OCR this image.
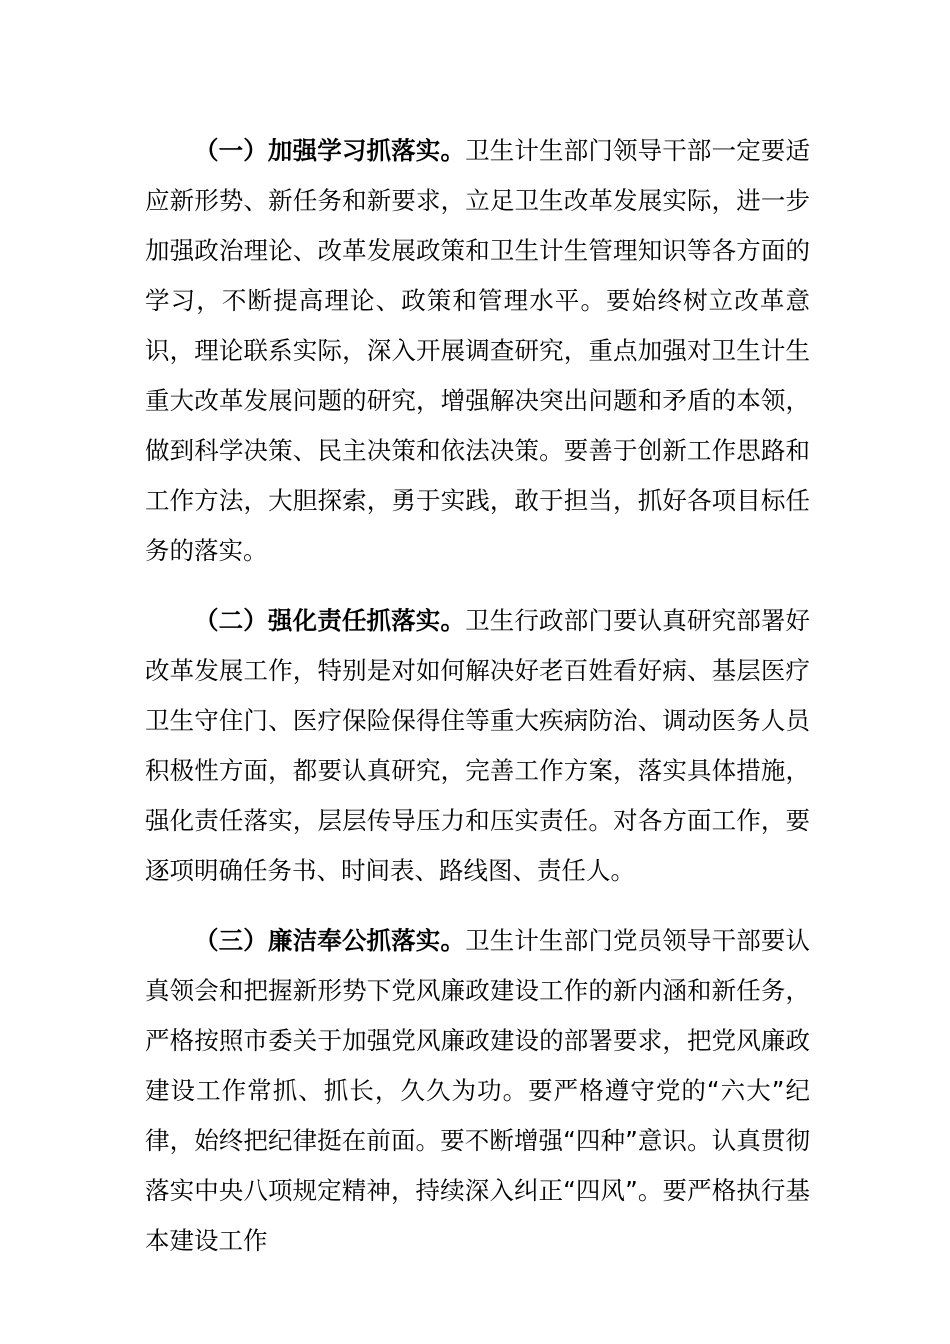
（一）加强学习抓落实。卫生计生部门领导干部一定要适应新形势、新任务和新要求，立足卫生改革发展实际，进一步加强政治理论、改革发展政策和卫生计生管理知识等各方面的学习，不断提高理论、政策和管理水平。要始终树立改革意识，理论联系实际，深入开展调查研究，重点加强对卫生计生重大改革发展问题的研究，增强解决突出问题和矛盾的本领，做到科学决策、民主决策和依法决策。要善于创新工作思路和工作方法，大胆探索，勇于实践，敢于担当，抓好各项目标任务的落实。

（二）强化责任抓落实。卫生行政部门要认真研究部署好改革发展工作，特别是对如何解决好老百姓看好病、基层医疗卫生守住门、医疗保险保得住等重大疾病防治、调动医务人员积极性方面，都要认真研究，完善工作方案，落实具体措施，强化责任落实，层层传导压力和压实责任。对各方面工作，要逐项明确任务书、时间表、路线图、责任人。

（三）廉洁奉公抓落实。卫生计生部门党员领导干部要认真领会和把握新形势下党风廉政建设工作的新内涵和新任务，严格按照市委关于加强党风廉政建设的部署要求，把党风廉政建设工作常抓、抓长，久久为功。要严格遵守党的“六大”纪律，始终把纪律挺在前面。要不断增强“四种”意识。认真贯彻落实中央八项规定精神，持续深入纠正“四风”。要严格执行基本建设工作
